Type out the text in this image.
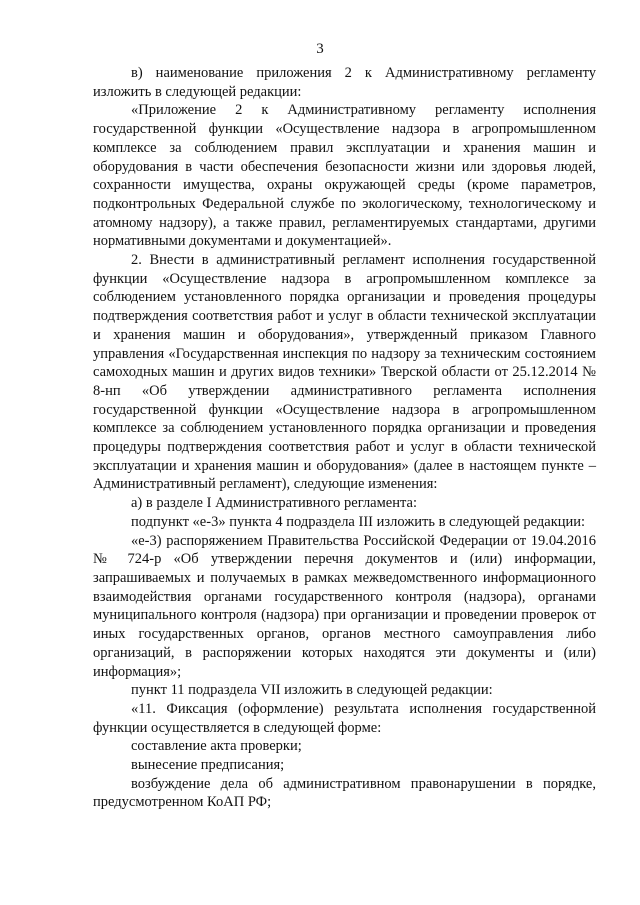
3

в) наименование приложения 2 к Административному регламенту изложить в следующей редакции:

«Приложение 2 к Административному регламенту исполнения государственной функции «Осуществление надзора в агропромышленном комплексе за соблюдением правил эксплуатации и хранения машин и оборудования в части обеспечения безопасности жизни или здоровья людей, сохранности имущества, охраны окружающей среды (кроме параметров, подконтрольных Федеральной службе по экологическому, технологическому и атомному надзору), а также правил, регламентируемых стандартами, другими нормативными документами и документацией».

2. Внести в административный регламент исполнения государственной функции «Осуществление надзора в агропромышленном комплексе за соблюдением установленного порядка организации и проведения процедуры подтверждения соответствия работ и услуг в области технической эксплуатации и хранения машин и оборудования», утвержденный приказом Главного управления «Государственная инспекция по надзору за техническим состоянием самоходных машин и других видов техники» Тверской области от 25.12.2014 № 8-нп «Об утверждении административного регламента исполнения государственной функции «Осуществление надзора в агропромышленном комплексе за соблюдением установленного порядка организации и проведения процедуры подтверждения соответствия работ и услуг в области технической эксплуатации и хранения машин и оборудования» (далее в настоящем пункте – Административный регламент), следующие изменения:

а) в разделе I Административного регламента:

подпункт «е-3» пункта 4 подраздела III изложить в следующей редакции:

«е-3) распоряжением Правительства Российской Федерации от 19.04.2016 № 724-р «Об утверждении перечня документов и (или) информации, запрашиваемых и получаемых в рамках межведомственного информационного взаимодействия органами государственного контроля (надзора), органами муниципального контроля (надзора) при организации и проведении проверок от иных государственных органов, органов местного самоуправления либо организаций, в распоряжении которых находятся эти документы и (или) информация»;

пункт 11 подраздела VII изложить в следующей редакции:

«11. Фиксация (оформление) результата исполнения государственной функции осуществляется в следующей форме:

составление акта проверки;

вынесение предписания;

возбуждение дела об административном правонарушении в порядке, предусмотренном КоАП РФ;
